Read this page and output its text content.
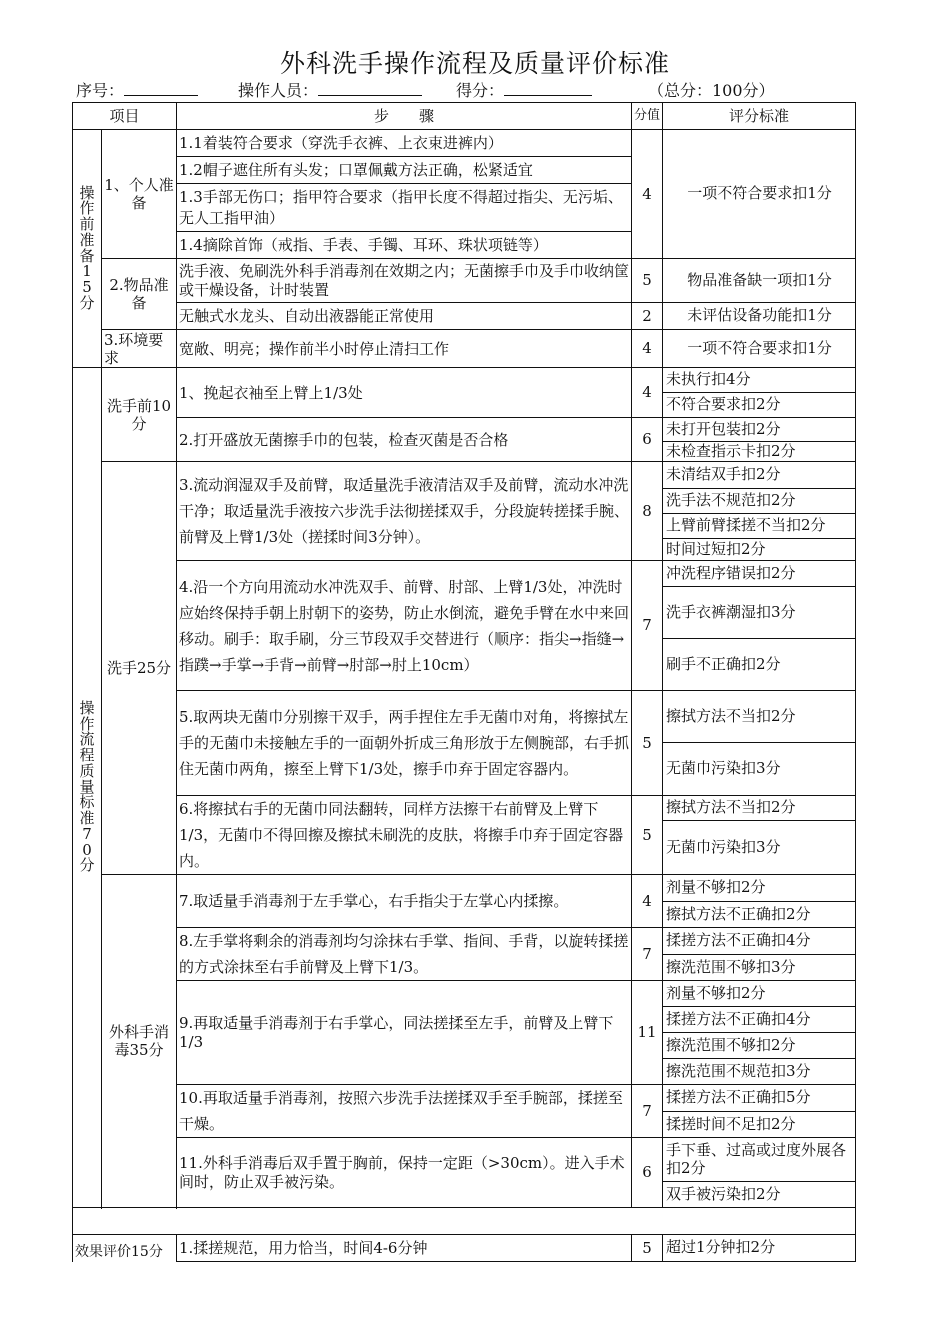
外科洗手操作流程及质量评价标准
序号：	操作人员：	得分：	（总分：100分）
项目		步　　骤	分值	评分标准
操作前准备15分	1、个人准备	1.1着装符合要求（穿洗手衣裤、上衣束进裤内）	4	一项不符合要求扣1分
		1.2帽子遮住所有头发；口罩佩戴方法正确，松紧适宜		
		1.3手部无伤口；指甲符合要求（指甲长度不得超过指尖、无污垢、无人工指甲油）		
		1.4摘除首饰（戒指、手表、手镯、耳环、珠状项链等）		
	2.物品准备	洗手液、免刷洗外科手消毒剂在效期之内；无菌擦手巾及手巾收纳筐或干燥设备，计时装置	5	物品准备缺一项扣1分
		无触式水龙头、自动出液器能正常使用	2	未评估设备功能扣1分
	3.环境要求	宽敞、明亮；操作前半小时停止清扫工作	4	一项不符合要求扣1分
操作流程质量标准70分	洗手前10分	1、挽起衣袖至上臂上1/3处	4	未执行扣4分
				不符合要求扣2分
		2.打开盛放无菌擦手巾的包装，检查灭菌是否合格	6	未打开包装扣2分
				未检查指示卡扣2分
	洗手25分	3.流动润湿双手及前臂，取适量洗手液清洁双手及前臂，流动水冲洗干净；取适量洗手液按六步洗手法彻搓揉双手，分段旋转搓揉手腕、前臂及上臂1/3处（搓揉时间3分钟）。	8	未清结双手扣2分
				洗手法不规范扣2分
				上臂前臂揉搓不当扣2分
				时间过短扣2分
		4.沿一个方向用流动水冲洗双手、前臂、肘部、上臂1/3处，冲洗时应始终保持手朝上肘朝下的姿势，防止水倒流，避免手臂在水中来回移动。刷手：取手刷，分三节段双手交替进行（顺序：指尖→指缝→指蹼→手掌→手背→前臂→肘部→肘上10cm）	7	冲洗程序错误扣2分
				洗手衣裤潮湿扣3分
				刷手不正确扣2分
		5.取两块无菌巾分别擦干双手，两手捏住左手无菌巾对角，将擦拭左手的无菌巾未接触左手的一面朝外折成三角形放于左侧腕部，右手抓住无菌巾两角，擦至上臂下1/3处，擦手巾弃于固定容器内。	5	擦拭方法不当扣2分
				无菌巾污染扣3分
		6.将擦拭右手的无菌巾同法翻转，同样方法擦干右前臂及上臂下1/3，无菌巾不得回擦及擦拭未刷洗的皮肤，将擦手巾弃于固定容器内。	5	擦拭方法不当扣2分
				无菌巾污染扣3分

	外科手消毒35分	7.取适量手消毒剂于左手掌心，右手指尖于左掌心内揉擦。	4	剂量不够扣2分
				擦拭方法不正确扣2分
		8.左手掌将剩余的消毒剂均匀涂抹右手掌、指间、手背，以旋转揉搓的方式涂抹至右手前臂及上臂下1/3。	7	揉搓方法不正确扣4分
				擦洗范围不够扣3分
		9.再取适量手消毒剂于右手掌心，同法搓揉至左手，前臂及上臂下1/3	11	剂量不够扣2分
				揉搓方法不正确扣4分
				擦洗范围不够扣2分
				擦洗范围不规范扣3分
		10.再取适量手消毒剂，按照六步洗手法搓揉双手至手腕部，揉搓至干燥。	7	揉搓方法不正确扣5分
				揉搓时间不足扣2分
		11.外科手消毒后双手置于胸前，保持一定距（>30cm）。进入手术间时，防止双手被污染。	6	手下垂、过高或过度外展各扣2分
				双手被污染扣2分

效果评价15分		1.揉搓规范，用力恰当，时间4-6分钟	5	超过1分钟扣2分
